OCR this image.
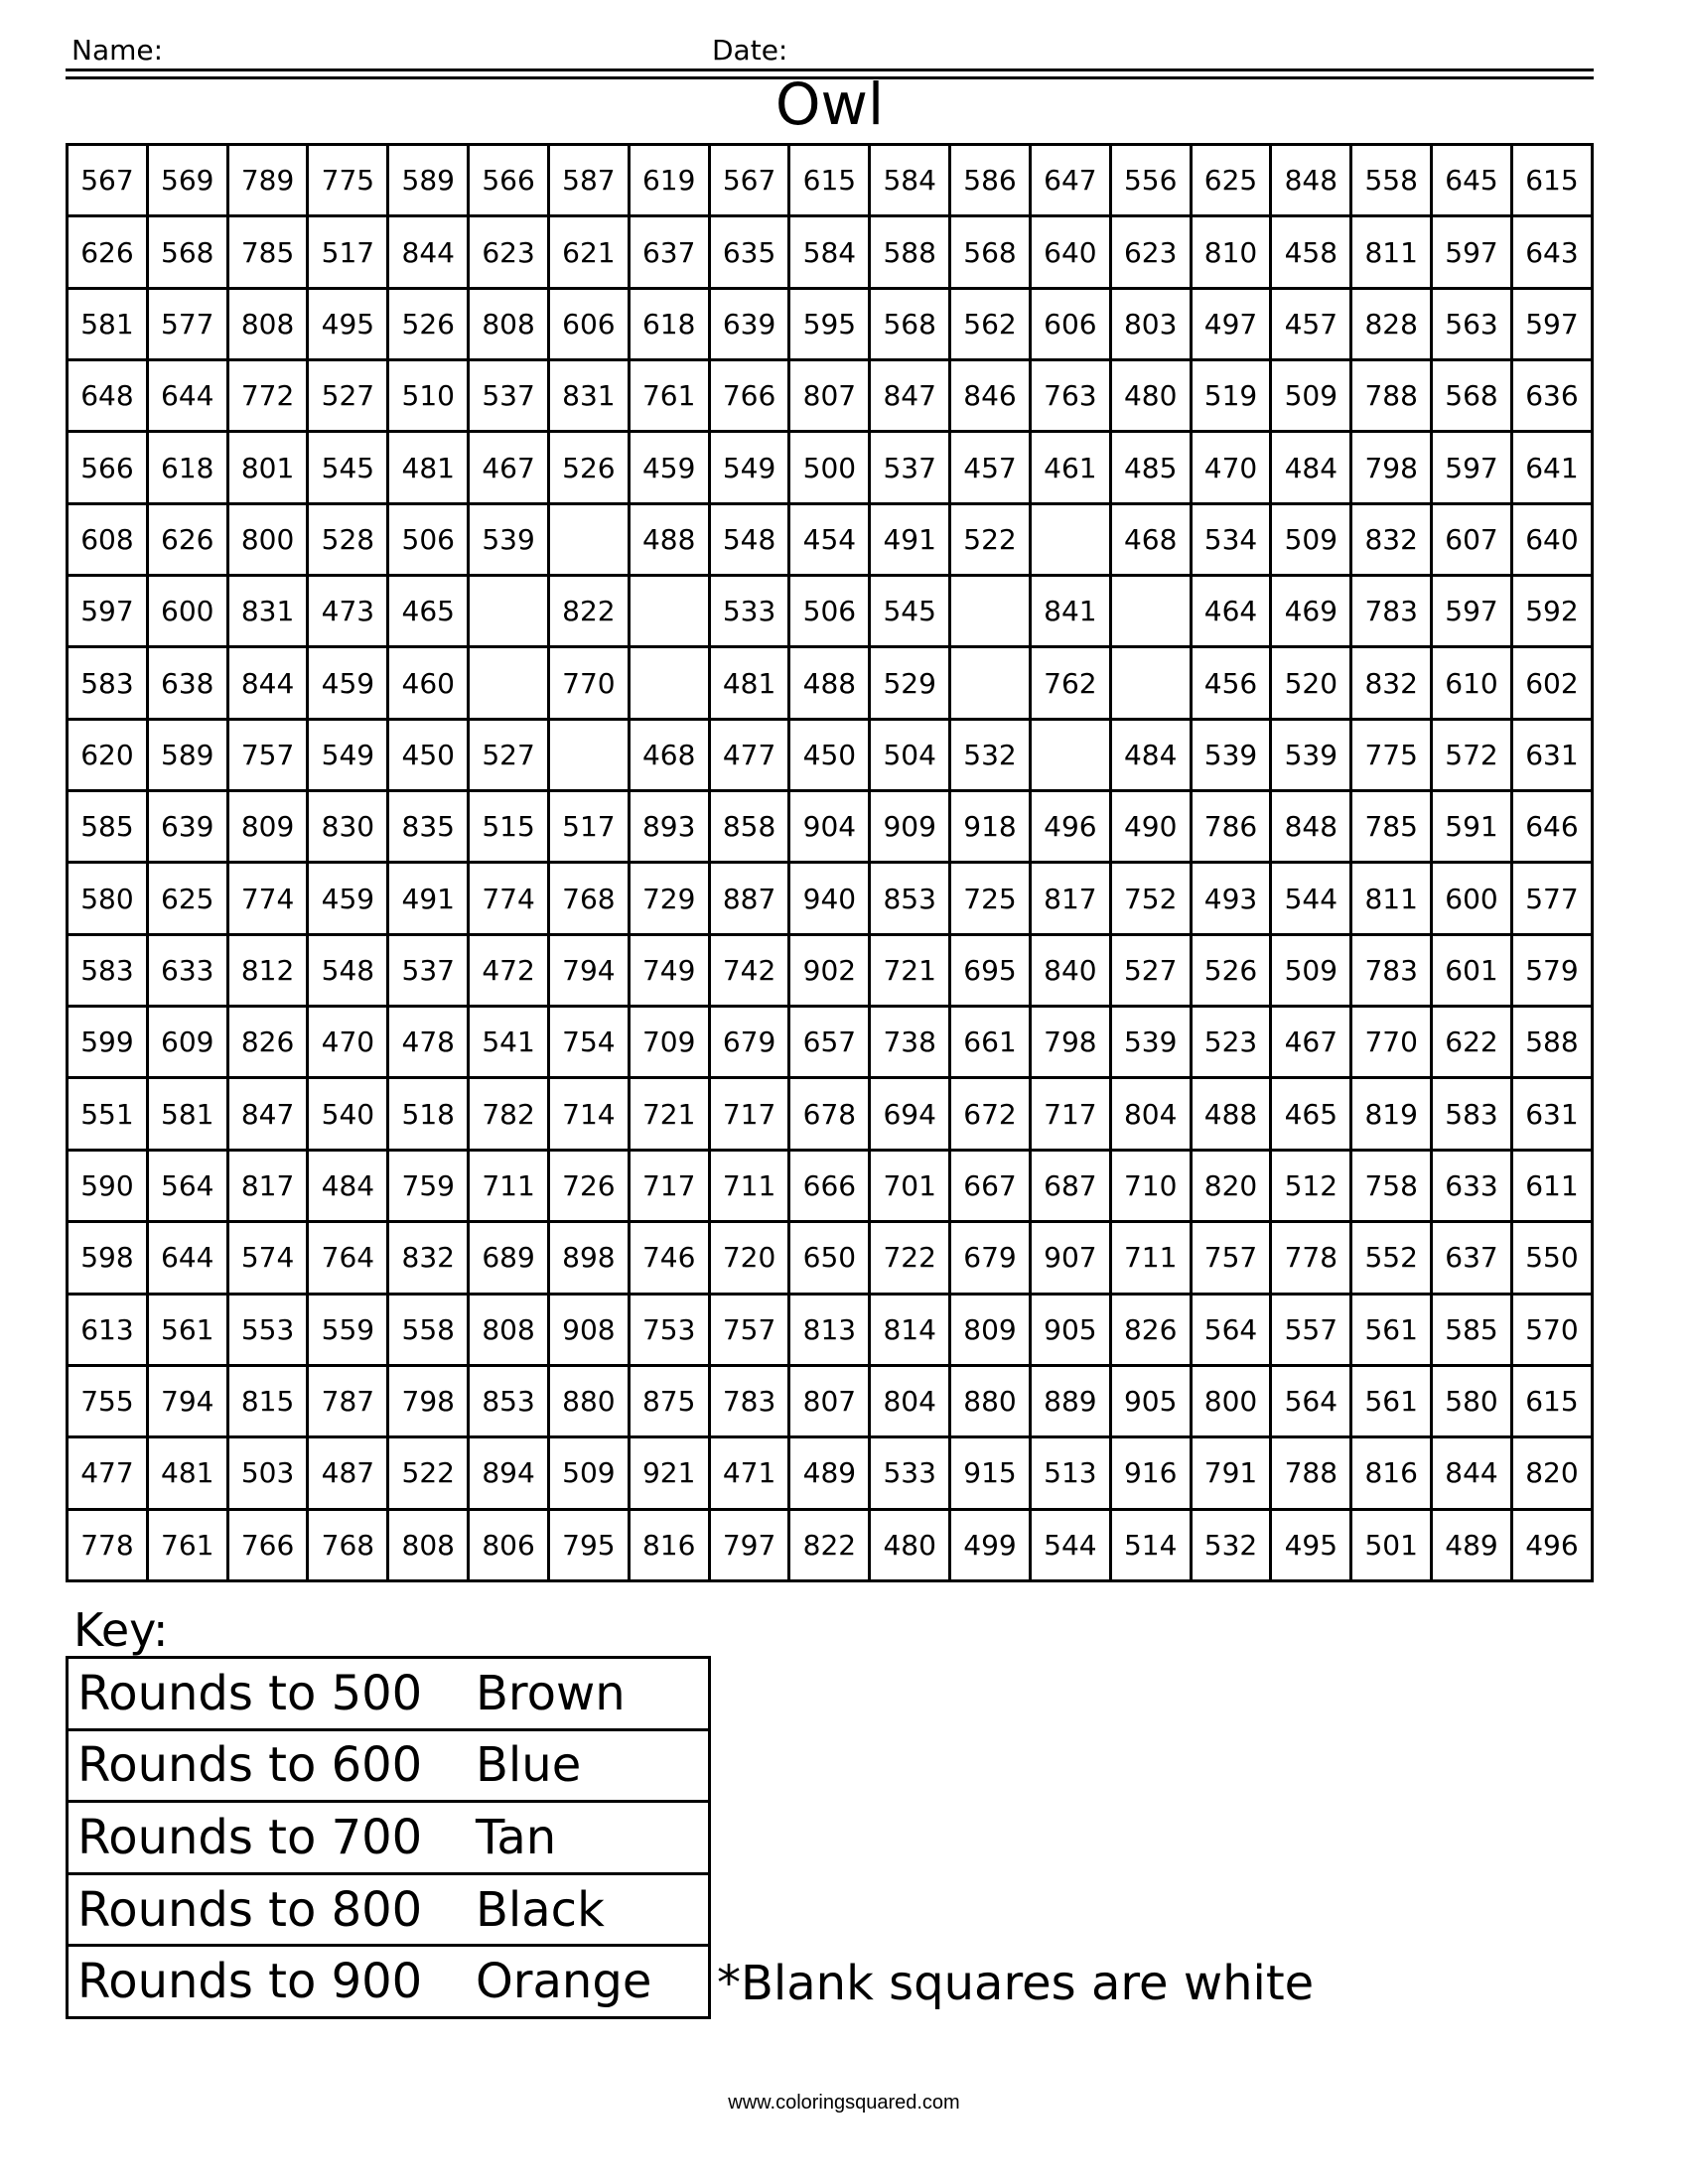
Name:	Date:
Owl
567	569	789	775	589	566	587	619	567	615	584	586	647	556	625	848	558	645	615
626	568	785	517	844	623	621	637	635	584	588	568	640	623	810	458	811	597	643
581	577	808	495	526	808	606	618	639	595	568	562	606	803	497	457	828	563	597
648	644	772	527	510	537	831	761	766	807	847	846	763	480	519	509	788	568	636
566	618	801	545	481	467	526	459	549	500	537	457	461	485	470	484	798	597	641
608	626	800	528	506	539		488	548	454	491	522		468	534	509	832	607	640
597	600	831	473	465		822		533	506	545		841		464	469	783	597	592
583	638	844	459	460		770		481	488	529		762		456	520	832	610	602
620	589	757	549	450	527		468	477	450	504	532		484	539	539	775	572	631
585	639	809	830	835	515	517	893	858	904	909	918	496	490	786	848	785	591	646
580	625	774	459	491	774	768	729	887	940	853	725	817	752	493	544	811	600	577
583	633	812	548	537	472	794	749	742	902	721	695	840	527	526	509	783	601	579
599	609	826	470	478	541	754	709	679	657	738	661	798	539	523	467	770	622	588
551	581	847	540	518	782	714	721	717	678	694	672	717	804	488	465	819	583	631
590	564	817	484	759	711	726	717	711	666	701	667	687	710	820	512	758	633	611
598	644	574	764	832	689	898	746	720	650	722	679	907	711	757	778	552	637	550
613	561	553	559	558	808	908	753	757	813	814	809	905	826	564	557	561	585	570
755	794	815	787	798	853	880	875	783	807	804	880	889	905	800	564	561	580	615
477	481	503	487	522	894	509	921	471	489	533	915	513	916	791	788	816	844	820
778	761	766	768	808	806	795	816	797	822	480	499	544	514	532	495	501	489	496
Key:
Rounds to 500	Brown
Rounds to 600	Blue
Rounds to 700	Tan
Rounds to 800	Black
Rounds to 900	Orange *Blank squares are white
www.coloringsquared.com
